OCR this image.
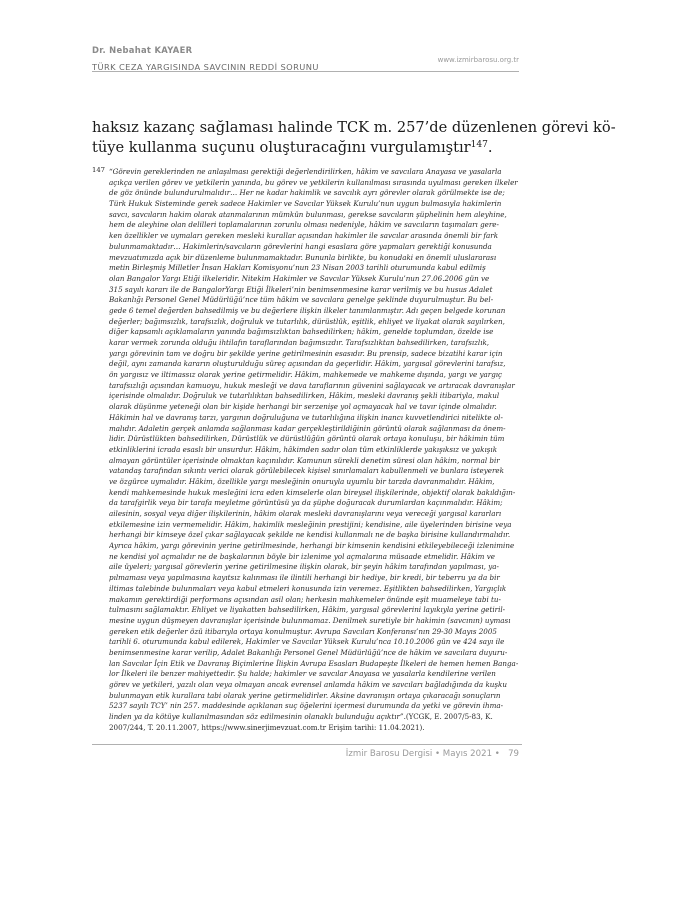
Dr. Nebahat KAYAER
www.izmirbarosu.org.tr
TÜRK CEZA YARGISINDA SAVCININ REDDİ SORUNU

haksız kazanç sağlaması halinde TCK m. 257’de düzenlenen görevi kö-
tüye kullanma suçunu oluşturacağını vurgulamıştır$^{147}$.

147 “Görevin gereklerinden ne anlaşılması gerektiği değerlendirilirken, hâkim ve savcılara Anayasa ve yasalarla
açıkça verilen görev ve yetkilerin yanında, bu görev ve yetkilerin kullanılması sırasında uyulması gereken ilkeler
de göz önünde bulundurulmalıdır… Her ne kadar hakimlik ve savcılık ayrı görevler olarak görülmekte ise de;
Türk Hukuk Sisteminde gerek sadece Hakimler ve Savcılar Yüksek Kurulu’nun uygun bulmasıyla hakimlerin
savcı, savcıların hakim olarak atanmalarının mümkün bulunması, gerekse savcıların şüphelinin hem aleyhine,
hem de aleyhine olan delilleri toplamalarının zorunlu olması nedeniyle, hâkim ve savcıların taşımaları gere-
ken özellikler ve uymaları gereken mesleki kurallar açısından hakimler ile savcılar arasında önemli bir fark
bulunmamaktadır… Hakimlerin/savcıların görevlerini hangi esaslara göre yapmaları gerektiği konusunda
mevzuatımızda açık bir düzenleme bulunmamaktadır. Bununla birlikte, bu konudaki en önemli uluslararası
metin Birleşmiş Milletler İnsan Hakları Komisyonu’nun 23 Nisan 2003 tarihli oturumunda kabul edilmiş
olan Bangalor Yargı Etiği ilkeleridir. Nitekim Hakimler ve Savcılar Yüksek Kurulu’nun 27.06.2006 gün ve
315 sayılı kararı ile de BangalorYargı Etiği İlkeleri’nin benimsenmesine karar verilmiş ve bu husus Adalet
Bakanlığı Personel Genel Müdürlüğü’nce tüm hâkim ve savcılara genelge şeklinde duyurulmuştur. Bu bel-
gede 6 temel değerden bahsedilmiş ve bu değerlere ilişkin ilkeler tanımlanmıştır. Adı geçen belgede korunan
değerler; bağımsızlık, tarafsızlık, doğruluk ve tutarlılık, dürüstlük, eşitlik, ehliyet ve liyakat olarak sayılırken,
diğer kapsamlı açıklamaların yanında bağımsızlıktan bahsedilirken; hâkim, genelde toplumdan, özelde ise
karar vermek zorunda olduğu ihtilafın taraflarından bağımsızdır. Tarafsızlıktan bahsedilirken, tarafsızlık,
yargı görevinin tam ve doğru bir şekilde yerine getirilmesinin esasıdır. Bu prensip, sadece bizatihi karar için
değil, aynı zamanda kararın oluşturulduğu süreç açısından da geçerlidir. Hâkim, yargısal görevlerini tarafsız,
ön yargısız ve iltimassız olarak yerine getirmelidir. Hâkim, mahkemede ve mahkeme dışında, yargı ve yargıç
tarafsızlığı açısından kamuoyu, hukuk mesleği ve dava taraflarının güvenini sağlayacak ve artıracak davranışlar
içerisinde olmalıdır. Doğruluk ve tutarlılıktan bahsedilirken, Hâkim, mesleki davranış şekli itibariyla, makul
olarak düşünme yeteneği olan bir kişide herhangi bir serzenişe yol açmayacak hal ve tavır içinde olmalıdır.
Hâkimin hal ve davranış tarzı, yargının doğruluğuna ve tutarlılığına ilişkin inancı kuvvetlendirici nitelikte ol-
malıdır. Adaletin gerçek anlamda sağlanması kadar gerçekleştirildiğinin görüntü olarak sağlanması da önem-
lidir. Dürüstlükten bahsedilirken, Dürüstlük ve dürüstlüğün görüntü olarak ortaya konuluşu, bir hâkimin tüm
etkinliklerini icrada esaslı bir unsurdur. Hâkim, hâkimden sadır olan tüm etkinliklerde yakışıksız ve yakışık
almayan görüntüler içerisinde olmaktan kaçınılıdır. Kamunun sürekli denetim süresi olan hâkim, normal bir
vatandaş tarafından sıkıntı verici olarak görülebilecek kişisel sınırlamaları kabullenmeli ve bunlara isteyerek
ve özgürce uymalıdır. Hâkim, özellikle yargı mesleğinin onuruyla uyumlu bir tarzda davranmalıdır. Hâkim,
kendi mahkemesinde hukuk mesleğini icra eden kimselerle olan bireysel ilişkilerinde, objektif olarak bakıldığın-
da tarafgirlik veya bir tarafa meyletme görüntüsü ya da şüphe doğuracak durumlardan kaçınmalıdır. Hâkim;
ailesinin, sosyal veya diğer ilişkilerinin, hâkim olarak mesleki davranışlarını veya vereceği yargısal kararları
etkilemesine izin vermemelidir. Hâkim, hakimlik mesleğinin prestijini; kendisine, aile üyelerinden birisine veya
herhangi bir kimseye özel çıkar sağlayacak şekilde ne kendisi kullanmalı ne de başka birisine kullandırmalıdır.
Ayrıca hâkim, yargı görevinin yerine getirilmesinde, herhangi bir kimsenin kendisini etkileyebileceği izlenimine
ne kendisi yol açmalıdır ne de başkalarının böyle bir izlenime yol açmalarına müsaade etmelidir. Hâkim ve
aile üyeleri; yargısal görevlerin yerine getirilmesine ilişkin olarak, bir şeyin hâkim tarafından yapılması, ya-
pılmaması veya yapılmasına kayıtsız kalınması ile ilintili herhangi bir hediye, bir kredi, bir teberru ya da bir
iltimas talebinde bulunmaları veya kabul etmeleri konusunda izin veremez. Eşitlikten bahsedilirken, Yargıçlık
makamın gerektirdiği performans açısından asil olan; herkesin mahkemeler önünde eşit muameleye tabi tu-
tulmasını sağlamaktır. Ehliyet ve liyakatten bahsedilirken, Hâkim, yargısal görevlerini layıkıyla yerine getiril-
mesine uygun düşmeyen davranışlar içerisinde bulunmamaz. Denilmek suretiyle bir hakimin (savcının) uyması
gereken etik değerler özü itibarıyla ortaya konulmuştur. Avrupa Savcıları Konferansı’nın 29-30 Mayıs 2005
tarihli 6. oturumunda kabul edilerek, Hakimler ve Savcılar Yüksek Kurulu’nca 10.10.2006 gün ve 424 sayı ile
benimsenmesine karar verilip, Adalet Bakanlığı Personel Genel Müdürlüğü’nce de hâkim ve savcılara duyuru-
lan Savcılar İçin Etik ve Davranış Biçimlerine İlişkin Avrupa Esasları Budapeşte İlkeleri de hemen hemen Banga-
lor İlkeleri ile benzer mahiyettedir. Şu halde; hakimler ve savcılar Anayasa ve yasalarla kendilerine verilen
görev ve yetkileri, yazılı olan veya olmayan ancak evrensel anlamda hâkim ve savcıları bağladığında da kuşku
bulunmayan etik kurallara tabi olarak yerine getirmelidirler. Aksine davranışın ortaya çıkaracağı sonuçların
5237 sayılı TCY’ nin 257. maddesinde açıklanan suç öğelerini içermesi durumunda da yetki ve görevin ihma-
linden ya da kötüye kullanılmasından söz edilmesinin olanaklı bulunduğu açıktır”.(YCGK, E. 2007/5-83, K.
2007/244, T. 20.11.2007, https://www.sinerjimevzuat.com.tr Erişim tarihi: 11.04.2021).
İzmir Barosu Dergisi • Mayıs 2021 • 79
